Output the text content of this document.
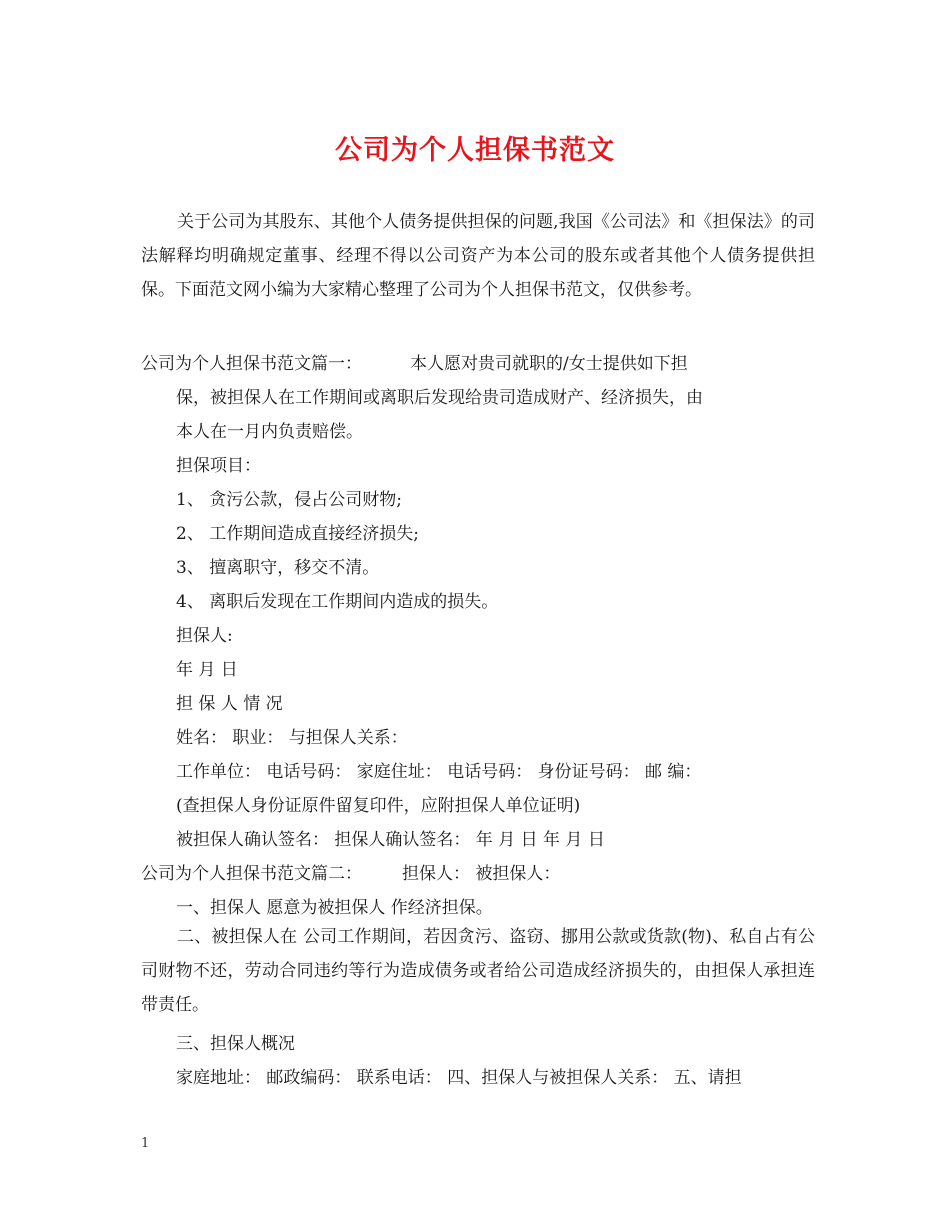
公司为个人担保书范文
关于公司为其股东、其他个人债务提供担保的问题,我国《公司法》和《担保法》的司法解释均明确规定董事、经理不得以公司资产为本公司的股东或者其他个人债务提供担保。下面范文网小编为大家精心整理了公司为个人担保书范文，仅供参考。
公司为个人担保书范文篇一：	本人愿对贵司就职的/女士提供如下担
保，被担保人在工作期间或离职后发现给贵司造成财产、经济损失，由
本人在一月内负责赔偿。
担保项目：
1、 贪污公款，侵占公司财物;
2、 工作期间造成直接经济损失;
3、 擅离职守，移交不清。
4、 离职后发现在工作期间内造成的损失。
担保人:
年 月 日
担 保 人 情 况
姓名： 职业： 与担保人关系：
工作单位： 电话号码： 家庭住址： 电话号码： 身份证号码： 邮 编：
(查担保人身份证原件留复印件，应附担保人单位证明)
被担保人确认签名： 担保人确认签名： 年 月 日 年 月 日
公司为个人担保书范文篇二： 担保人： 被担保人：
一、担保人 愿意为被担保人 作经济担保。
二、被担保人在 公司工作期间，若因贪污、盗窃、挪用公款或货款(物)、私自占有公司财物不还，劳动合同违约等行为造成债务或者给公司造成经济损失的，由担保人承担连带责任。
三、担保人概况
家庭地址： 邮政编码： 联系电话： 四、担保人与被担保人关系： 五、请担
1
